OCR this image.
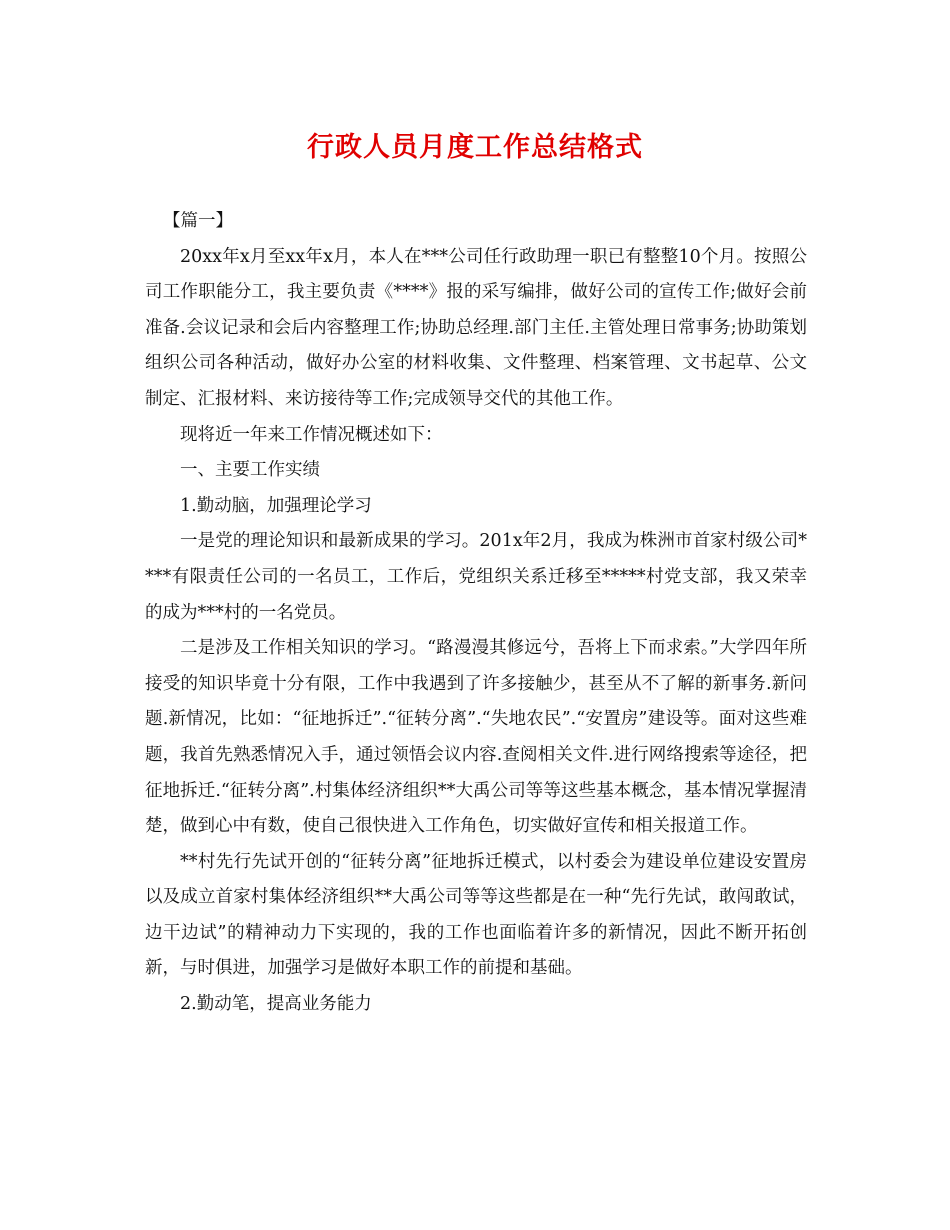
行政人员月度工作总结格式

【篇一】

20xx年x月至xx年x月，本人在***公司任行政助理一职已有整整10个月。按照公司工作职能分工，我主要负责《****》报的采写编排，做好公司的宣传工作;做好会前准备.会议记录和会后内容整理工作;协助总经理.部门主任.主管处理日常事务;协助策划组织公司各种活动，做好办公室的材料收集、文件整理、档案管理、文书起草、公文制定、汇报材料、来访接待等工作;完成领导交代的其他工作。

现将近一年来工作情况概述如下：

一、主要工作实绩

1.勤动脑，加强理论学习

一是党的理论知识和最新成果的学习。201x年2月，我成为株洲市首家村级公司****有限责任公司的一名员工，工作后，党组织关系迁移至*****村党支部，我又荣幸的成为***村的一名党员。

二是涉及工作相关知识的学习。“路漫漫其修远兮，吾将上下而求索。”大学四年所接受的知识毕竟十分有限，工作中我遇到了许多接触少，甚至从不了解的新事务.新问题.新情况，比如：“征地拆迁”.“征转分离”.“失地农民”.“安置房”建设等。面对这些难题，我首先熟悉情况入手，通过领悟会议内容.查阅相关文件.进行网络搜索等途径，把征地拆迁.“征转分离”.村集体经济组织**大禹公司等等这些基本概念，基本情况掌握清楚，做到心中有数，使自己很快进入工作角色，切实做好宣传和相关报道工作。

**村先行先试开创的“征转分离”征地拆迁模式，以村委会为建设单位建设安置房以及成立首家村集体经济组织**大禹公司等等这些都是在一种“先行先试，敢闯敢试，边干边试”的精神动力下实现的，我的工作也面临着许多的新情况，因此不断开拓创新，与时俱进，加强学习是做好本职工作的前提和基础。

2.勤动笔，提高业务能力
